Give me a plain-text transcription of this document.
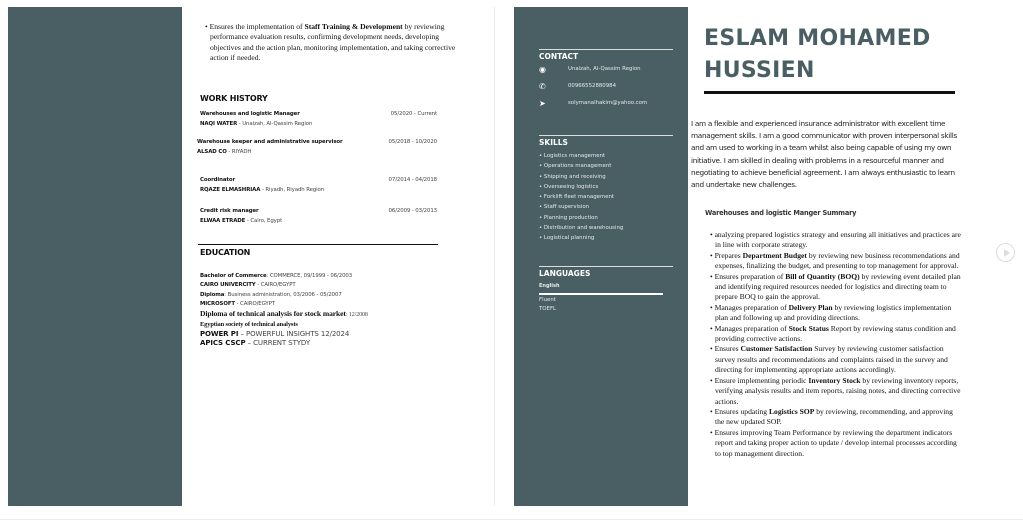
• Ensures the implementation of Staff Training & Development by reviewing performance evaluation results, confirming development needs, developing objectives and the action plan, monitoring implementation, and taking corrective action if needed.
WORK HISTORY
Warehouses and logistic Manager
NAQI WATER - Unaizah, Al-Qassim Region
05/2020 - Current
Warehouse keeper and administrative supervisor
ALSAD CO - RIYADH
05/2018 - 10/2020
Coordinator
RQAZE ELMASHRIAA - Riyadh, Riyadh Region
07/2014 - 04/2018
Credit risk manager
ELWAA ETRADE - Cairo, Egypt
06/2009 - 03/2013
EDUCATION
Bachelor of Commerce: COMMERCE, 09/1999 - 06/2003
CAIRO UNIVERCITY - CAIRO/EGYPT
Diploma: Business administration, 03/2006 - 05/2007
MICROSOFT - CAIRO/EGYPT
Diploma of technical analysis for stock market: 12/2008
Egyptian society of technical analysts
POWER PI – POWERFUL INSIGHTS 12/2024
APICS CSCP – CURRENT STYDY
CONTACT
◉	Unaizah, Al-Qassim Region
✆	00966552880984
➤	solymanalhakim@yahoo.com
SKILLS
• Logistics management
• Operations management
• Shipping and receiving
• Overseeing logistics
• Forklift fleet management
• Staff supervision
• Planning production
• Distribution and warehousing
• Logistical planning
LANGUAGES
English
Fluent
TOEFL
ESLAM MOHAMED
HUSSIEN
I am a flexible and experienced insurance administrator with excellent time management skills. I am a good communicator with proven interpersonal skills and am used to working in a team whilst also being capable of using my own initiative. I am skilled in dealing with problems in a resourceful manner and negotiating to achieve beneficial agreement. I am always enthusiastic to learn and undertake new challenges.
Warehouses and logistic Manger Summary
• analyzing prepared logistics strategy and ensuring all initiatives and practices are in line with corporate strategy.
• Prepares Department Budget by reviewing new business recommendations and expenses, finalizing the budget, and presenting to top management for approval.
• Ensures preparation of Bill of Quantity (BOQ) by reviewing event detailed plan and identifying required resources needed for logistics and directing team to prepare BOQ to gain the approval.
• Manages preparation of Delivery Plan by reviewing logistics implementation plan and following up and providing directions.
• Manages preparation of Stock Status Report by reviewing status condition and providing corrective actions.
• Ensures Customer Satisfaction Survey by reviewing customer satisfaction survey results and recommendations and complaints raised in the survey and directing for implementing appropriate actions accordingly.
• Ensure implementing periodic Inventory Stock by reviewing inventory reports, verifying analysis results and item reports, raising notes, and directing corrective actions.
• Ensures updating Logistics SOP by reviewing, recommending, and approving the new updated SOP.
• Ensures improving Team Performance by reviewing the department indicators report and taking proper action to update / develop internal processes according to top management direction.
